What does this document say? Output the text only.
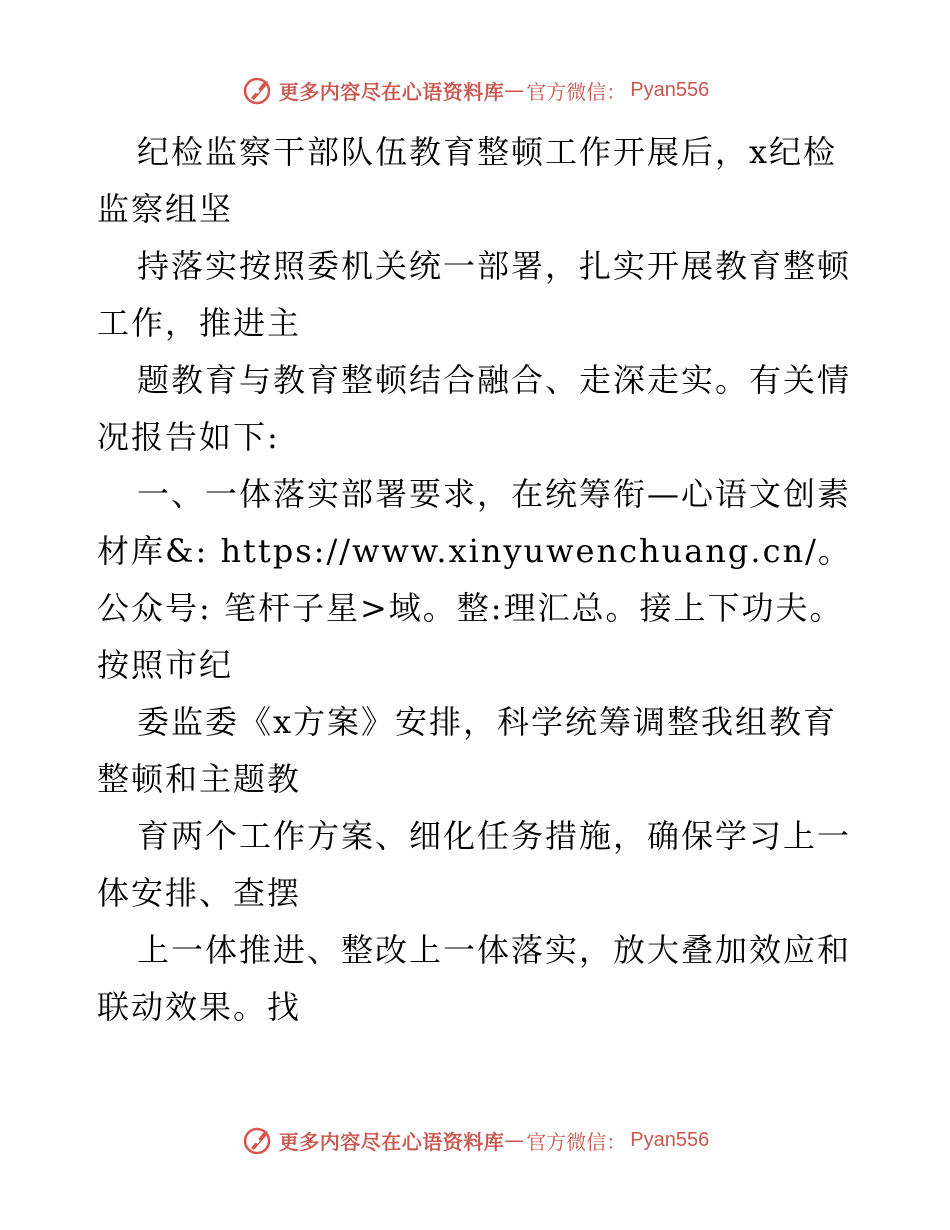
更多内容尽在心语资料库 — 官方微信： Pyan556

纪检监察干部队伍教育整顿工作开展后，x纪检监察组坚

持落实按照委机关统一部署，扎实开展教育整顿工作，推进主

题教育与教育整顿结合融合、走深走实。有关情况报告如下:

一、一体落实部署要求，在统筹衔—心语文创素材库&: https://www.xinyuwenchuang.cn/。公众号: 笔杆子星>域。整:理汇总。接上下功夫。按照市纪

委监委《x方案》安排，科学统筹调整我组教育整顿和主题教

育两个工作方案、细化任务措施，确保学习上一体安排、查摆

上一体推进、整改上一体落实，放大叠加效应和联动效果。找

更多内容尽在心语资料库 — 官方微信： Pyan556
